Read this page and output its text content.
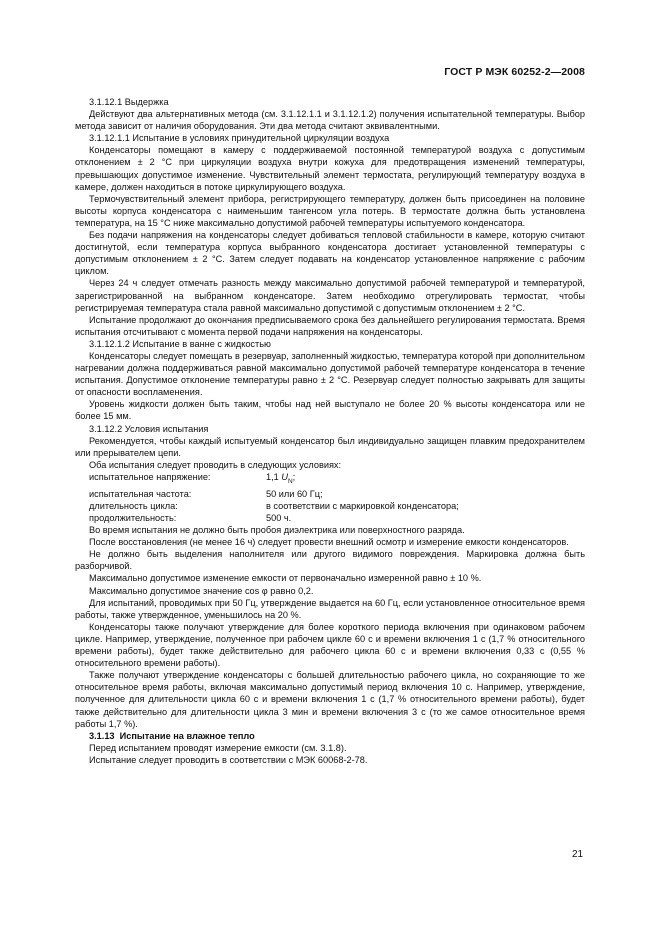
ГОСТ Р МЭК 60252-2—2008

3.1.12.1 Выдержка

Действуют два альтернативных метода (см. 3.1.12.1.1 и 3.1.12.1.2) получения испытательной температуры. Выбор метода зависит от наличия оборудования. Эти два метода считают эквивалентными.

3.1.12.1.1 Испытание в условиях принудительной циркуляции воздуха

Конденсаторы помещают в камеру с поддерживаемой постоянной температурой воздуха с допустимым отклонением ± 2 °С при циркуляции воздуха внутри кожуха для предотвращения изменений температуры, превышающих допустимое изменение. Чувствительный элемент термостата, регулирующий температуру воздуха в камере, должен находиться в потоке циркулирующего воздуха.

Термочувствительный элемент прибора, регистрирующего температуру, должен быть присоединен на половине высоты корпуса конденсатора с наименьшим тангенсом угла потерь. В термостате должна быть установлена температура, на 15 °С ниже максимально допустимой рабочей температуры испытуемого конденсатора.

Без подачи напряжения на конденсаторы следует добиваться тепловой стабильности в камере, которую считают достигнутой, если температура корпуса выбранного конденсатора достигает установленной температуры с допустимым отклонением ± 2 °С. Затем следует подавать на конденсатор установленное напряжение с рабочим циклом.

Через 24 ч следует отмечать разность между максимально допустимой рабочей температурой и температурой, зарегистрированной на выбранном конденсаторе. Затем необходимо отрегулировать термостат, чтобы регистрируемая температура стала равной максимально допустимой с допустимым отклонением ± 2 °С.

Испытание продолжают до окончания предписываемого срока без дальнейшего регулирования термостата. Время испытания отсчитывают с момента первой подачи напряжения на конденсаторы.

3.1.12.1.2 Испытание в ванне с жидкостью

Конденсаторы следует помещать в резервуар, заполненный жидкостью, температура которой при дополнительном нагревании должна поддерживаться равной максимально допустимой рабочей температуре конденсатора в течение испытания. Допустимое отклонение температуры равно ± 2 °С. Резервуар следует полностью закрывать для защиты от опасности воспламенения.

Уровень жидкости должен быть таким, чтобы над ней выступало не более 20 % высоты конденсатора или не более 15 мм.

3.1.12.2 Условия испытания

Рекомендуется, чтобы каждый испытуемый конденсатор был индивидуально защищен плавким предохранителем или прерывателем цепи.

Оба испытания следует проводить в следующих условиях:

испытательное напряжение:	1,1 $U_N$;
испытательная частота:	50 или 60 Гц;
длительность цикла:	в соответствии с маркировкой конденсатора;
продолжительность:	500 ч.

Во время испытания не должно быть пробоя диэлектрика или поверхностного разряда.

После восстановления (не менее 16 ч) следует провести внешний осмотр и измерение емкости конденсаторов.

Не должно быть выделения наполнителя или другого видимого повреждения. Маркировка должна быть разборчивой.

Максимально допустимое изменение емкости от первоначально измеренной равно ± 10 %.

Максимально допустимое значение cos φ равно 0,2.

Для испытаний, проводимых при 50 Гц, утверждение выдается на 60 Гц, если установленное относительное время работы, также утвержденное, уменьшилось на 20 %.

Конденсаторы также получают утверждение для более короткого периода включения при одинаковом рабочем цикле. Например, утверждение, полученное при рабочем цикле 60 с и времени включения 1 с (1,7 % относительного времени работы), будет также действительно для рабочего цикла 60 с и времени включения 0,33 с (0,55 % относительного времени работы).

Также получают утверждение конденсаторы с большей длительностью рабочего цикла, но сохраняющие то же относительное время работы, включая максимально допустимый период включения 10 с. Например, утверждение, полученное для длительности цикла 60 с и времени включения 1 с (1,7 % относительного времени работы), будет также действительно для длительности цикла 3 мин и времени включения 3 с (то же самое относительное время работы 1,7 %).

3.1.13 Испытание на влажное тепло

Перед испытанием проводят измерение емкости (см. 3.1.8).

Испытание следует проводить в соответствии с МЭК 60068-2-78.

21
